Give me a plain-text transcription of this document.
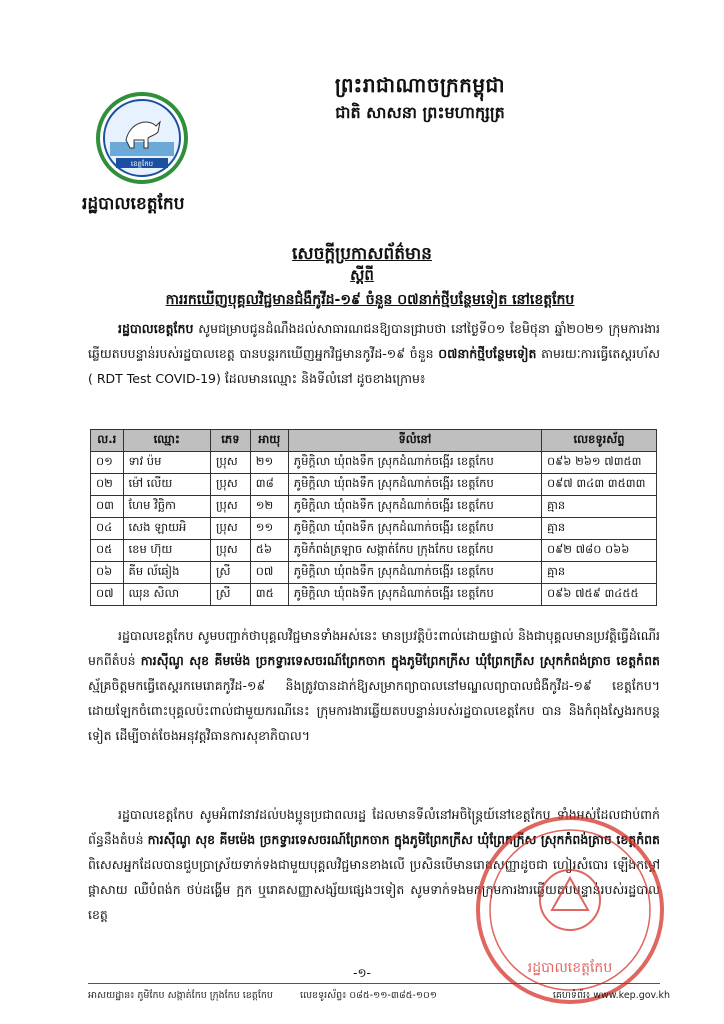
ព្រះរាជាណាចក្រកម្ពុជា
ជាតិ សាសនា ព្រះមហាក្សត្រ
ខេត្តកែប
រដ្ឋបាលខេត្តកែប
សេចក្តីប្រកាសព័ត៌មាន
ស្តីពី
ការរកឃើញបុគ្គលវិជ្ជមានជំងឺកូវីដ-១៩ ចំនួន ០៧នាក់ថ្មីបន្ថែមទៀត នៅខេត្តកែប
រដ្ឋបាលខេត្តកែប សូមជម្រាបជូនដំណឹងដល់សាធារណជនឱ្យបានជ្រាបថា នៅថ្ងៃទី០១ ខែមិថុនា ឆ្នាំ២០២១ ក្រុមការងារឆ្លើយតបបន្ទាន់របស់រដ្ឋបាលខេត្ត បានបន្តរកឃើញអ្នកវិជ្ជមានកូវីដ-១៩ ចំនួន ០៧នាក់ថ្មីបន្ថែមទៀត តាមរយៈការធ្វើតេស្តរហ័ស ( RDT Test COVID-19) ដែលមានឈ្មោះ និងទីលំនៅ ដូចខាងក្រោម៖
ល.រ	ឈ្មោះ	ភេទ	អាយុ	ទីលំនៅ	លេខទូរស័ព្ទ
០១	ទាវ ប៉ម	ប្រុស	២១	ភូមិក្តិលា ឃុំពងទឹក ស្រុកដំណាក់ចង្អើរ ខេត្តកែប	០៩៦ ២៦១ ៧៣៥៣
០២	ម៉ៅ លើយ	ប្រុស	៣៨	ភូមិក្តិលា ឃុំពងទឹក ស្រុកដំណាក់ចង្អើរ ខេត្តកែប	០៩៧ ៣៤៣ ៣៥៣៣
០៣	ហែម វិច្ឆិកា	ប្រុស	១២	ភូមិក្តិលា ឃុំពងទឹក ស្រុកដំណាក់ចង្អើរ ខេត្តកែប	គ្មាន
០៤	សេង ឡាយអិ	ប្រុស	១១	ភូមិក្តិលា ឃុំពងទឹក ស្រុកដំណាក់ចង្អើរ ខេត្តកែប	គ្មាន
០៥	ខេម ហ៊ុយ	ប្រុស	៥៦	ភូមិកំពង់ត្រឡាច សង្កាត់កែប ក្រុងកែប ខេត្តកែប	០៩២ ៧៨០ ០៦៦
០៦	គីម ល័ឆៀង	ស្រី	០៧	ភូមិក្តិលា ឃុំពងទឹក ស្រុកដំណាក់ចង្អើរ ខេត្តកែប	គ្មាន
០៧	ឈុន សិលា	ស្រី	៣៥	ភូមិក្តិលា ឃុំពងទឹក ស្រុកដំណាក់ចង្អើរ ខេត្តកែប	០៩៦ ៧៥៩ ៣៤៥៥
រដ្ឋបាលខេត្តកែប សូមបញ្ជាក់ថាបុគ្គលវិជ្ជមានទាំងអស់នេះ មានប្រវត្តិប៉ះពាល់ដោយផ្ទាល់ និងជាបុគ្គលមានប្រវត្តិធ្វើដំណើរមកពីតំបន់ ការស៊ីណូ សុខ គីមម៉េង ច្រកទ្វារទេសចរណ៍ព្រែកចាក ក្នុងភូមិព្រែកក្រីស ឃុំព្រែកក្រីស ស្រុកកំពង់ត្រាច ខេត្តកំពត ស្ម័គ្រចិត្តមកធ្វើតេស្តរកមេរោគកូវីដ-១៩ និងត្រូវបានដាក់ឱ្យសម្រាកព្យាបាលនៅមណ្ឌលព្យាបាលជំងឺកូវីដ-១៩ ខេត្តកែប។ ដោយឡែកចំពោះបុគ្គលប៉ះពាល់ជាមួយករណីនេះ ក្រុមការងារឆ្លើយតបបន្ទាន់របស់រដ្ឋបាលខេត្តកែប បាន និងកំពុងស្វែងរកបន្តទៀត ដើម្បីចាត់ចែងអនុវត្តវិធានការសុខាភិបាល។
រដ្ឋបាលខេត្តកែប សូមអំពាវនាវដល់បងប្អូនប្រជាពលរដ្ឋ ដែលមានទីលំនៅអចិន្ត្រៃយ៍នៅខេត្តកែប ទាំងអស់ដែលជាប់ពាក់ព័ន្ធនឹងតំបន់ ការស៊ីណូ សុខ គីមម៉េង ច្រកទ្វារទេសចរណ៍ព្រែកចាក ក្នុងភូមិព្រែកក្រីស ឃុំព្រែកក្រីស ស្រុកកំពង់ត្រាច ខេត្តកំពត ពិសេសអ្នកដែលបានជួបប្រាស្រ័យទាក់ទងជាមួយបុគ្គលវិជ្ជមានខាងលើ ប្រសិនបើមានរោគសញ្ញាដូចជា ហៀរសំបោរ ឡើងកម្តៅ ផ្តាសាយ ឈឺបំពង់ក ថប់ដង្ហើម ក្អក ឬរោគសញ្ញាសង្ស័យផ្សេងៗទៀត សូមទាក់ទងមកក្រុមការងារឆ្លើយតបបន្ទាន់របស់រដ្ឋបាលខេត្ត
រដ្ឋបាលខេត្តកែប
-១-
អាសយដ្ឋាន៖ ភូមិកែប សង្កាត់កែប ក្រុងកែប ខេត្តកែប	លេខទូរស័ព្ទ៖ ០៨៥-១១-៣៨៥-១០១	គេហទំព័រ៖ www.kep.gov.kh
